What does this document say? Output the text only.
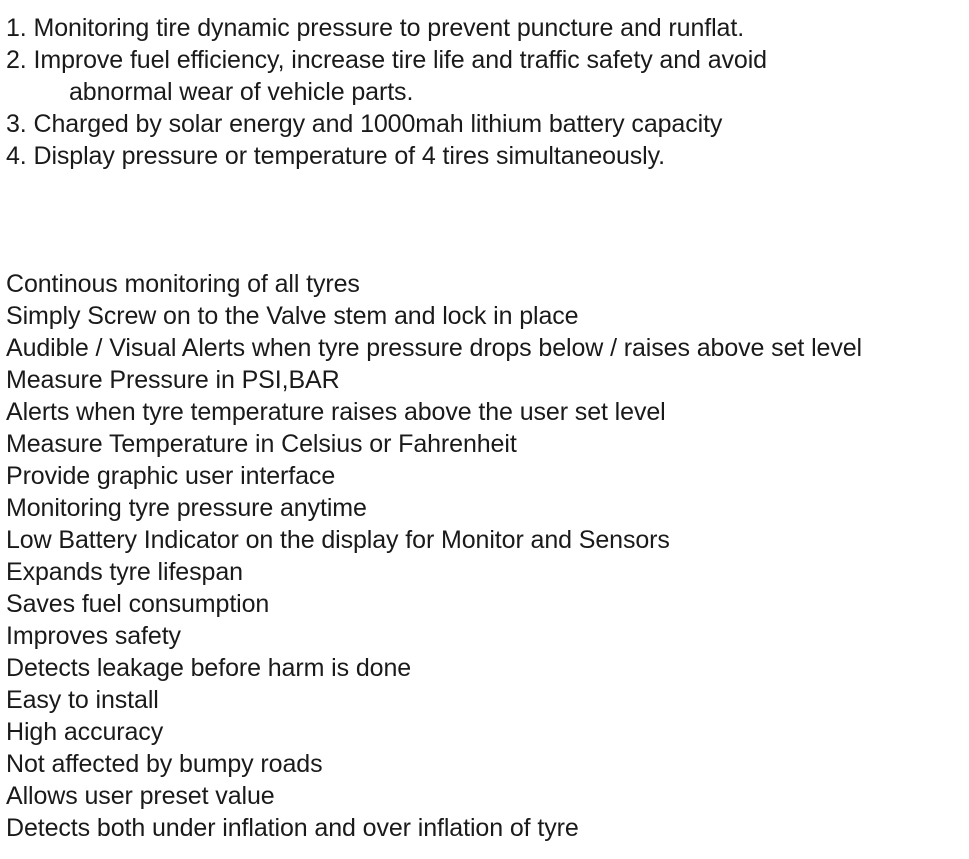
1. Monitoring tire dynamic pressure to prevent puncture and runflat.
2. Improve fuel efficiency, increase tire life and traffic safety and avoid
abnormal wear of vehicle parts.
3. Charged by solar energy and 1000mah lithium battery capacity
4. Display pressure or temperature of 4 tires simultaneously.
Continous monitoring of all tyres
Simply Screw on to the Valve stem and lock in place
Audible / Visual Alerts when tyre pressure drops below / raises above set level
Measure Pressure in PSI,BAR
Alerts when tyre temperature raises above the user set level
Measure Temperature in Celsius or Fahrenheit
Provide graphic user interface
Monitoring tyre pressure anytime
Low Battery Indicator on the display for Monitor and Sensors
Expands tyre lifespan
Saves fuel consumption
Improves safety
Detects leakage before harm is done
Easy to install
High accuracy
Not affected by bumpy roads
Allows user preset value
Detects both under inflation and over inflation of tyre
